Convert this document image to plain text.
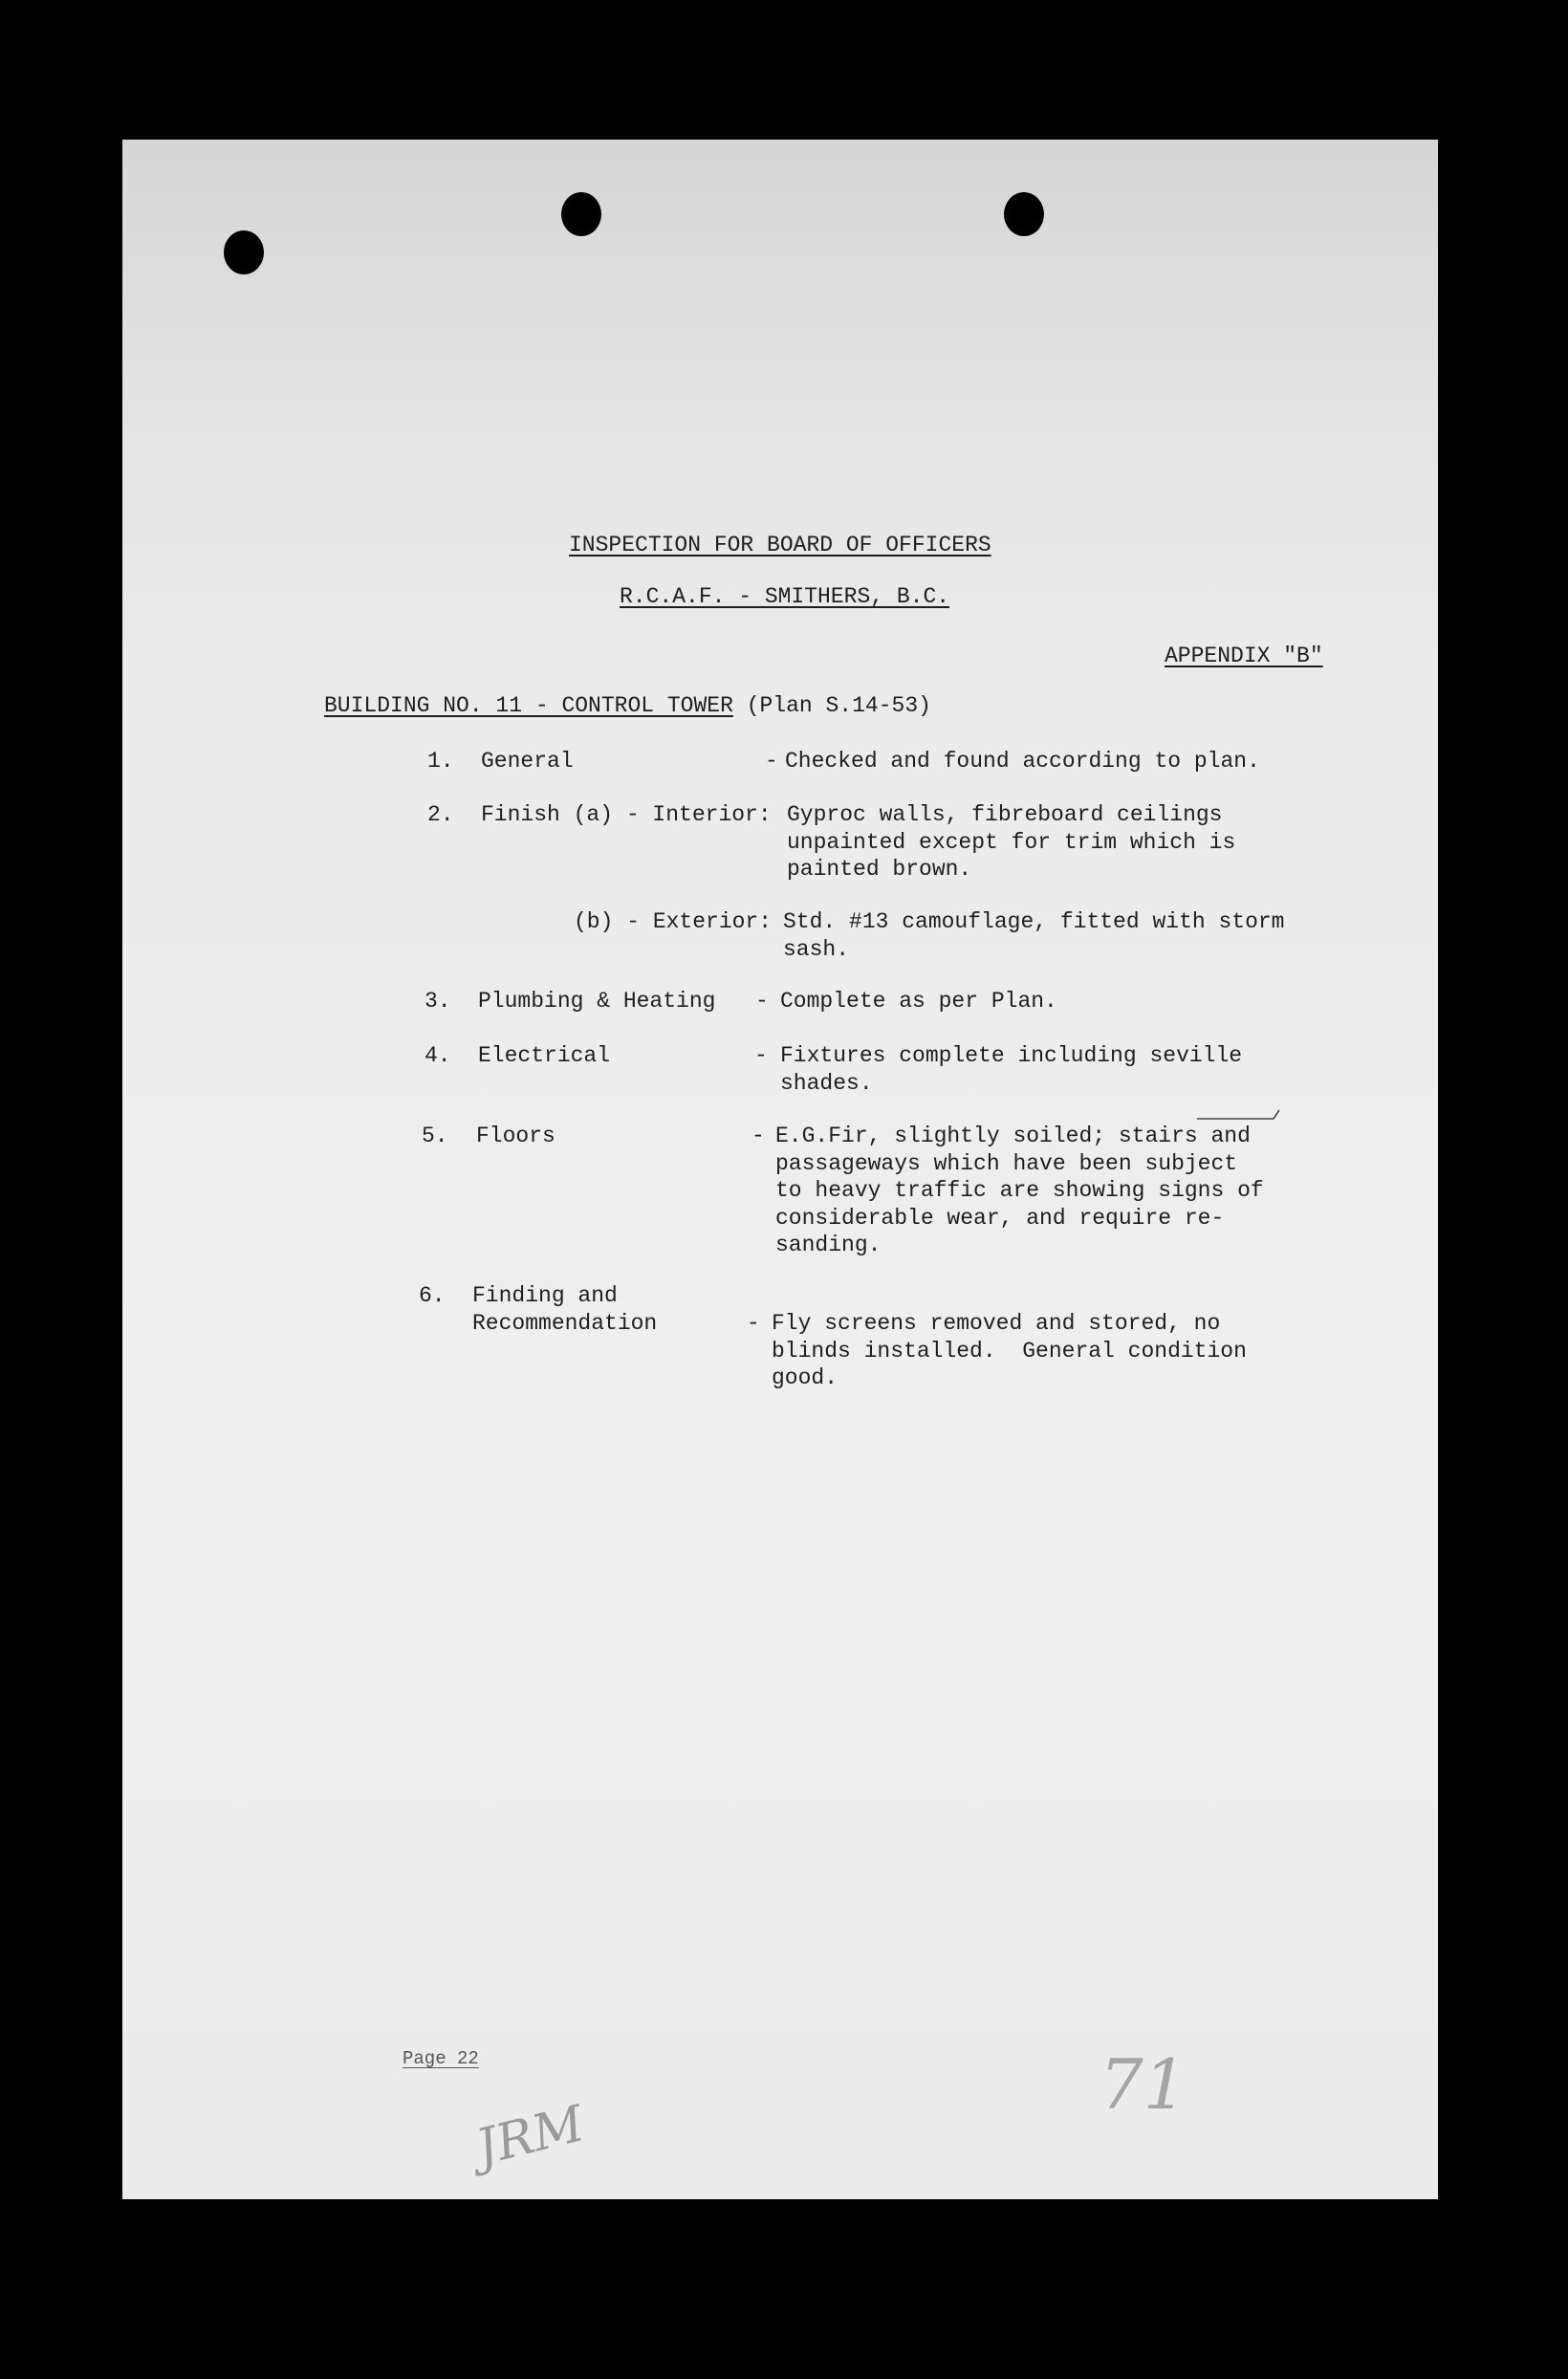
INSPECTION FOR BOARD OF OFFICERS
R.C.A.F. - SMITHERS, B.C.
APPENDIX "B"
BUILDING NO. 11 - CONTROL TOWER (Plan S.14-53)
1. General	- Checked and found according to plan.
2. Finish (a) - Interior: Gyproc walls, fibreboard ceilings
unpainted except for trim which is
painted brown.
(b) - Exterior: Std. #13 camouflage, fitted with storm
sash.
3. Plumbing & Heating - Complete as per Plan.
4. Electrical	- Fixtures complete including seville
shades.
5. Floors	- E.G.Fir, slightly soiled; stairs and
passageways which have been subject
to heavy traffic are showing signs of
considerable wear, and require re-
sanding.
6. Finding and
Recommendation	- Fly screens removed and stored, no
blinds installed.  General condition
good.
Page 22
JRM
71
